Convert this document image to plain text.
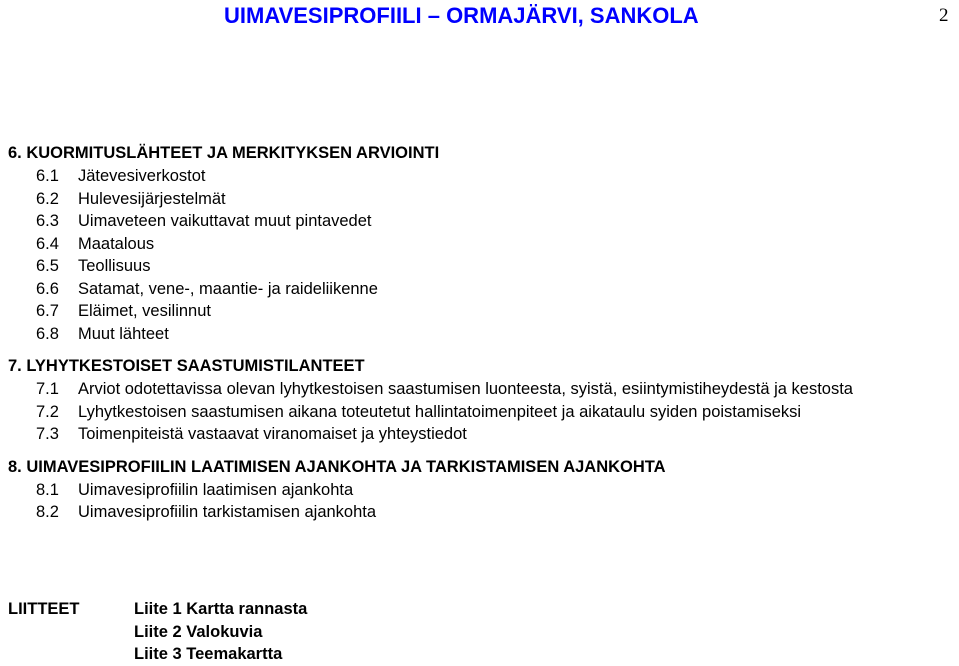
UIMAVESIPROFIILI – ORMAJÄRVI, SANKOLA	2
6. KUORMITUSLÄHTEET JA MERKITYKSEN ARVIOINTI
6.1 Jätevesiverkostot
6.2 Hulevesijärjestelmät
6.3 Uimaveteen vaikuttavat muut pintavedet
6.4 Maatalous
6.5 Teollisuus
6.6 Satamat, vene-, maantie- ja raideliikenne
6.7 Eläimet, vesilinnut
6.8 Muut lähteet
7. LYHYTKESTOISET SAASTUMISTILANTEET
7.1 Arviot odotettavissa olevan lyhytkestoisen saastumisen luonteesta, syistä, esiintymistiheydestä ja kestosta
7.2 Lyhytkestoisen saastumisen aikana toteutetut hallintatoimenpiteet ja aikataulu syiden poistamiseksi
7.3 Toimenpiteistä vastaavat viranomaiset ja yhteystiedot
8. UIMAVESIPROFIILIN LAATIMISEN AJANKOHTA JA TARKISTAMISEN AJANKOHTA
8.1 Uimavesiprofiilin laatimisen ajankohta
8.2 Uimavesiprofiilin tarkistamisen ajankohta
LIITTEET	Liite 1 Kartta rannasta
Liite 2 Valokuvia
Liite 3 Teemakartta
